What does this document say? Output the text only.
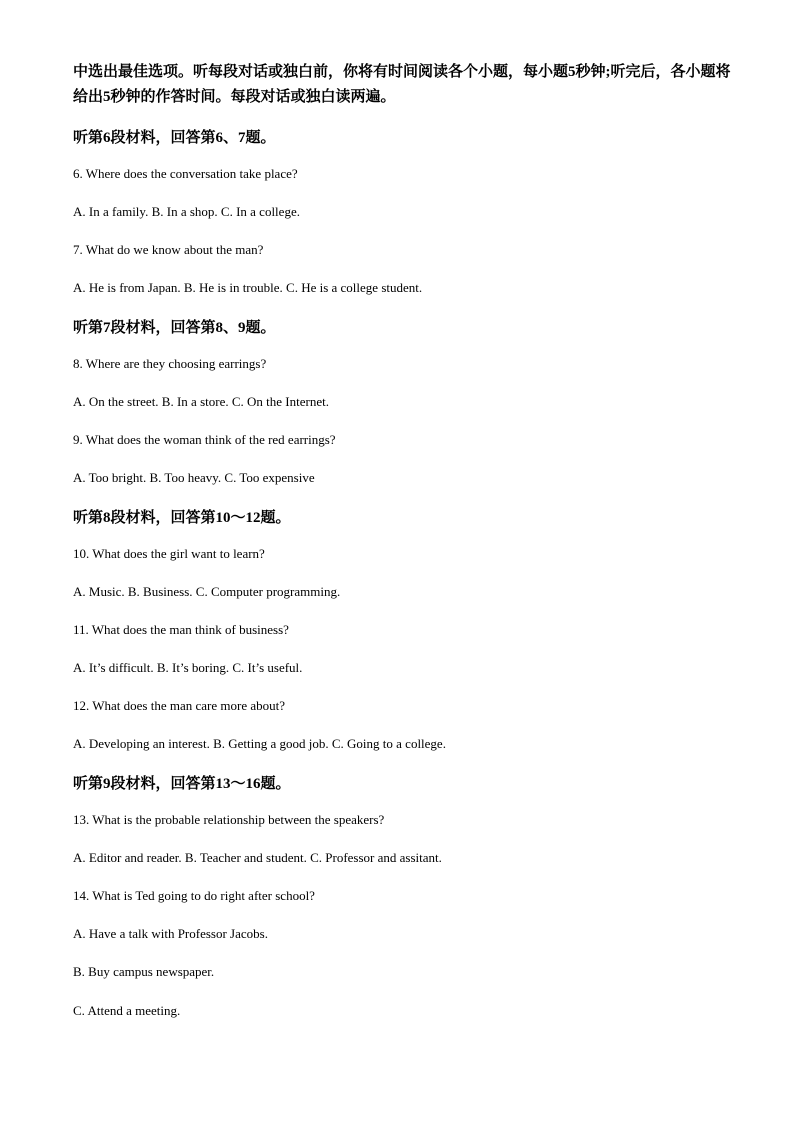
中选出最佳选项。听每段对话或独白前，你将有时间阅读各个小题，每小题5秒钟;听完后，各小题将给出5秒钟的作答时间。每段对话或独白读两遍。
听第6段材料，回答第6、7题。
6. Where does the conversation take place?
A. In a family. B. In a shop. C. In a college.
7. What do we know about the man?
A. He is from Japan. B. He is in trouble. C. He is a college student.
听第7段材料，回答第8、9题。
8. Where are they choosing earrings?
A. On the street. B. In a store. C. On the Internet.
9. What does the woman think of the red earrings?
A. Too bright. B. Too heavy. C. Too expensive
听第8段材料，回答第10～12题。
10. What does the girl want to learn?
A. Music. B. Business. C. Computer programming.
11. What does the man think of business?
A. It’s difficult. B. It’s boring. C. It’s useful.
12. What does the man care more about?
A. Developing an interest. B. Getting a good job. C. Going to a college.
听第9段材料，回答第13～16题。
13. What is the probable relationship between the speakers?
A. Editor and reader. B. Teacher and student. C. Professor and assitant.
14. What is Ted going to do right after school?
A. Have a talk with Professor Jacobs.
B. Buy campus newspaper.
C. Attend a meeting.
